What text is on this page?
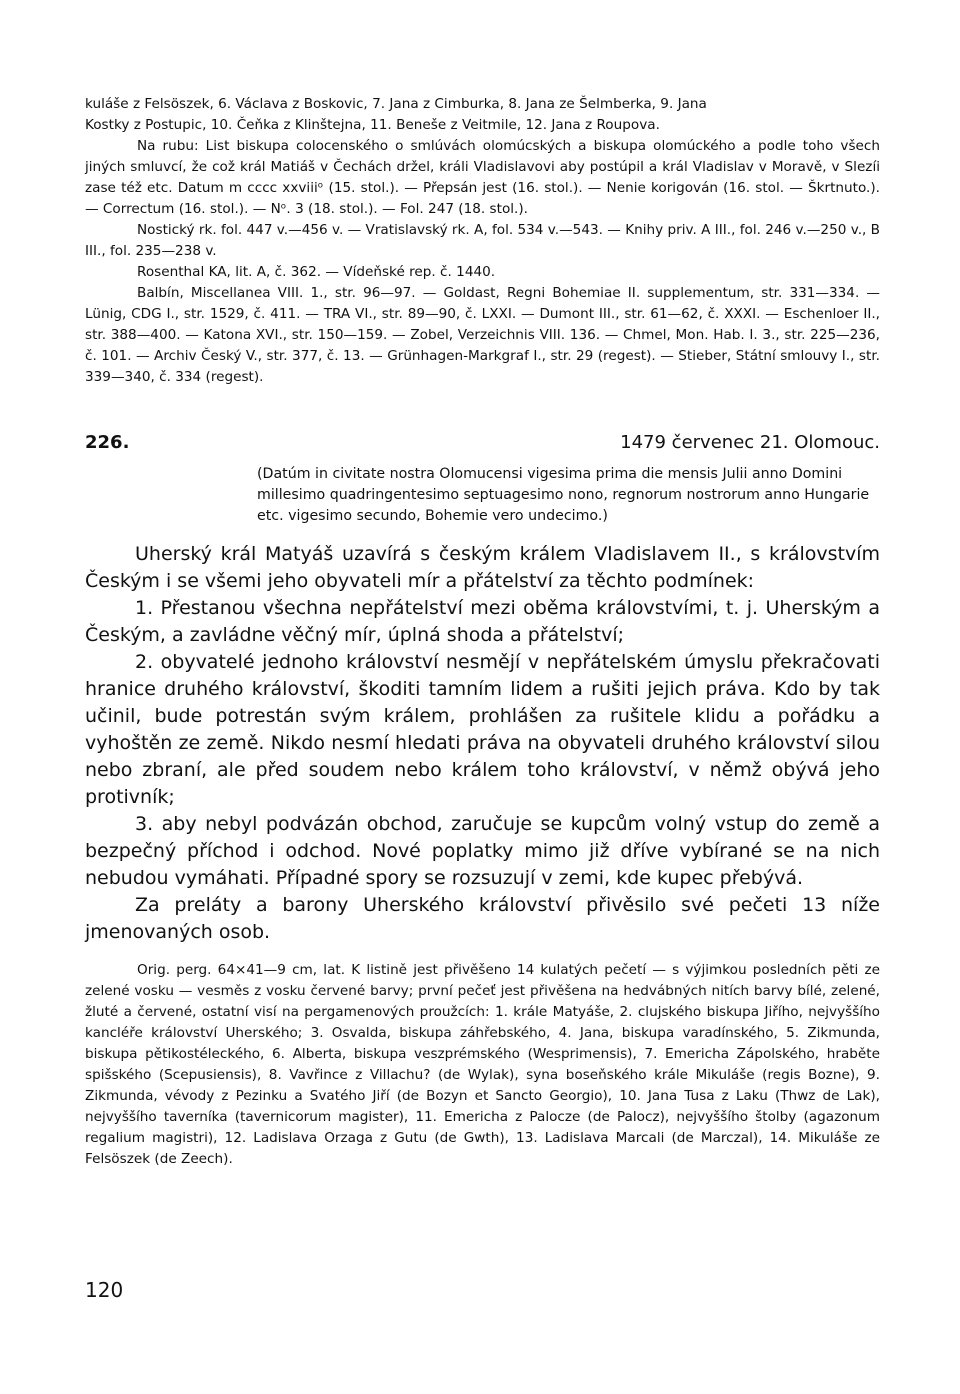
kuláše z Felsöszek, 6. Václava z Boskovic, 7. Jana z Cimburka, 8. Jana ze Šelmberka, 9. Jana
Kostky z Postupic, 10. Čeňka z Klinštejna, 11. Beneše z Veitmile, 12. Jana z Roupova.

Na rubu: List biskupa colocenského o smlúvách olomúcských a biskupa olomúckého a podle toho všech jiných smluvcí, že což král Matiáš v Čechách držel, králi Vladislavovi aby postúpil a král Vladislav v Moravě, v Slezíi zase též etc. Datum m cccc xxviiiᵒ (15. stol.). — Přepsán jest (16. stol.). — Nenie korigován (16. stol. — Škrtnuto.). — Correctum (16. stol.). — Nᵒ. 3 (18. stol.). — Fol. 247 (18. stol.).

Nostický rk. fol. 447 v.—456 v. — Vratislavský rk. A, fol. 534 v.—543. — Knihy priv. A III., fol. 246 v.—250 v., B III., fol. 235—238 v.

Rosenthal KA, lit. A, č. 362. — Vídeňské rep. č. 1440.

Balbín, Miscellanea VIII. 1., str. 96—97. — Goldast, Regni Bohemiae II. supplementum, str. 331—334. — Lünig, CDG I., str. 1529, č. 411. — TRA VI., str. 89—90, č. LXXI. — Dumont III., str. 61—62, č. XXXI. — Eschenloer II., str. 388—400. — Katona XVI., str. 150—159. — Zobel, Verzeichnis VIII. 136. — Chmel, Mon. Hab. I. 3., str. 225—236, č. 101. — Archiv Český V., str. 377, č. 13. — Grünhagen-Markgraf I., str. 29 (regest). — Stieber, Státní smlouvy I., str. 339—340, č. 334 (regest).

226.	1479 červenec 21. Olomouc.

(Datúm in civitate nostra Olomucensi vigesima prima die mensis Julii anno Domini millesimo quadringentesimo septuagesimo nono, regnorum nostrorum anno Hungarie etc. vigesimo secundo, Bohemie vero undecimo.)

Uherský král Matyáš uzavírá s českým králem Vladislavem II., s královstvím Českým i se všemi jeho obyvateli mír a přátelství za těchto podmínek:

1. Přestanou všechna nepřátelství mezi oběma královstvími, t. j. Uherským a Českým, a zavládne věčný mír, úplná shoda a přátelství;

2. obyvatelé jednoho království nesmějí v nepřátelském úmyslu překračovati hranice druhého království, škoditi tamním lidem a rušiti jejich práva. Kdo by tak učinil, bude potrestán svým králem, prohlášen za rušitele klidu a pořádku a vyhoštěn ze země. Nikdo nesmí hledati práva na obyvateli druhého království silou nebo zbraní, ale před soudem nebo králem toho království, v němž obývá jeho protivník;

3. aby nebyl podvázán obchod, zaručuje se kupcům volný vstup do země a bezpečný příchod i odchod. Nové poplatky mimo již dříve vybírané se na nich nebudou vymáhati. Případné spory se rozsuzují v zemi, kde kupec přebývá.

Za preláty a barony Uherského království přivěsilo své pečeti 13 níže jmenovaných osob.

Orig. perg. 64×41—9 cm, lat. K listině jest přivěšeno 14 kulatých pečetí — s výjimkou posledních pěti ze zelené vosku — vesměs z vosku červené barvy; první pečeť jest přivěšena na hedvábných nitích barvy bílé, zelené, žluté a červené, ostatní visí na pergamenových proužcích: 1. krále Matyáše, 2. clujského biskupa Jiřího, nejvyššího kancléře království Uherského; 3. Osvalda, biskupa záhřebského, 4. Jana, biskupa varadínského, 5. Zikmunda, biskupa pětikostéleckého, 6. Alberta, biskupa veszprémského (Wesprimensis), 7. Emericha Zápolského, hraběte spišského (Scepusiensis), 8. Vavřince z Villachu? (de Wylak), syna boseňského krále Mikuláše (regis Bozne), 9. Zikmunda, vévody z Pezinku a Svatého Jiří (de Bozyn et Sancto Georgio), 10. Jana Tusa z Laku (Thwz de Lak), nejvyššího taverníka (tavernicorum magister), 11. Emericha z Palocze (de Palocz), nejvyššího štolby (agazonum regalium magistri), 12. Ladislava Orzaga z Gutu (de Gwth), 13. Ladislava Marcali (de Marczal), 14. Mikuláše ze Felsöszek (de Zeech).

120
